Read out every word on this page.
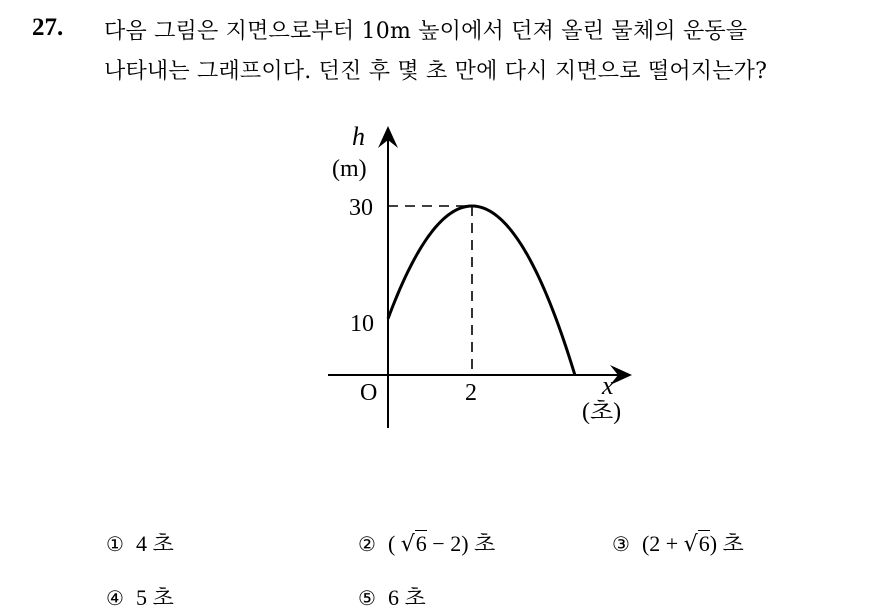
27. 다음 그림은 지면으로부터 10m 높이에서 던져 올린 물체의 운동을
나타내는 그래프이다. 던진 후 몇 초 만에 다시 지면으로 떨어지는가?
h
(m)
30
10
O	2	x
(초)
① 4 초	② ( √6 − 2) 초	③ (2 + √6) 초
④ 5 초	⑤ 6 초
